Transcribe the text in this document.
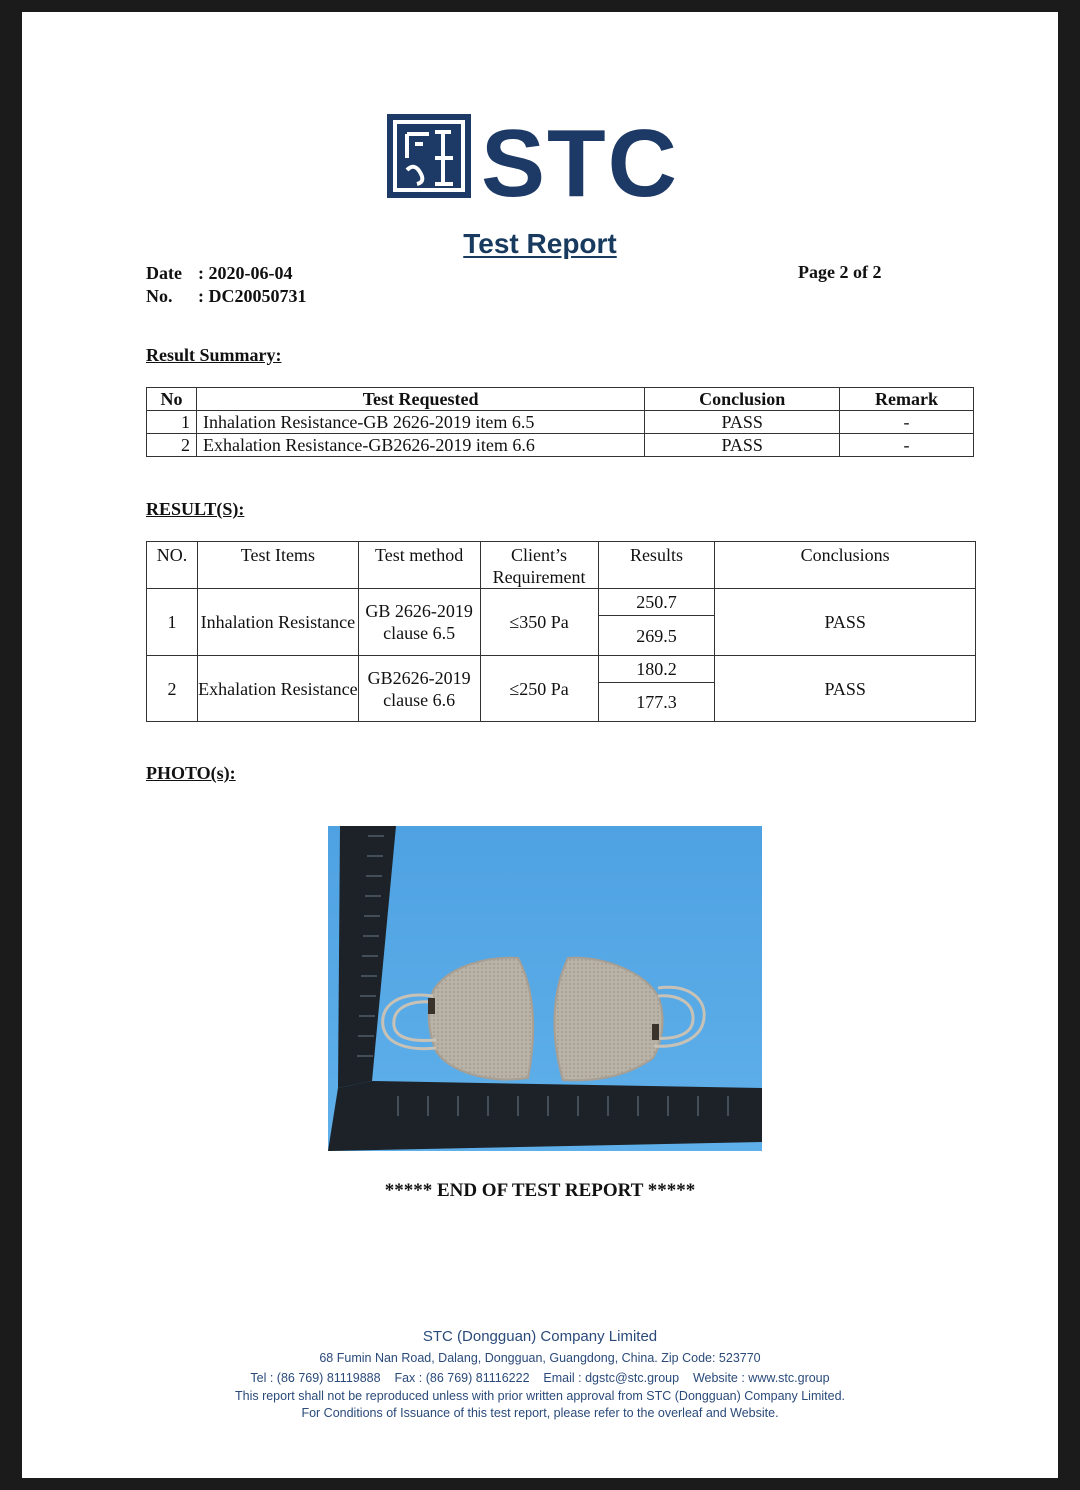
STC
Test Report
Date : 2020-06-04
No.	: DC20050731
Page 2 of 2
Result Summary:
No	Test Requested	Conclusion	Remark
1	Inhalation Resistance-GB 2626-2019 item 6.5	PASS	-
2	Exhalation Resistance-GB2626-2019 item 6.6	PASS	-
RESULT(S):
NO.	Test Items	Test method	Client’s Requirement	Results	Conclusions
1	Inhalation Resistance	GB 2626-2019 clause 6.5	≤350 Pa	250.7	PASS
				269.5	
2	Exhalation Resistance	GB2626-2019 clause 6.6	≤250 Pa	180.2	PASS
				177.3	
PHOTO(s):
***** END OF TEST REPORT *****
STC (Dongguan) Company Limited
68 Fumin Nan Road, Dalang, Dongguan, Guangdong, China. Zip Code: 523770
Tel : (86 769) 81119888    Fax : (86 769) 81116222    Email : dgstc@stc.group    Website : www.stc.group
This report shall not be reproduced unless with prior written approval from STC (Dongguan) Company Limited.
For Conditions of Issuance of this test report, please refer to the overleaf and Website.
